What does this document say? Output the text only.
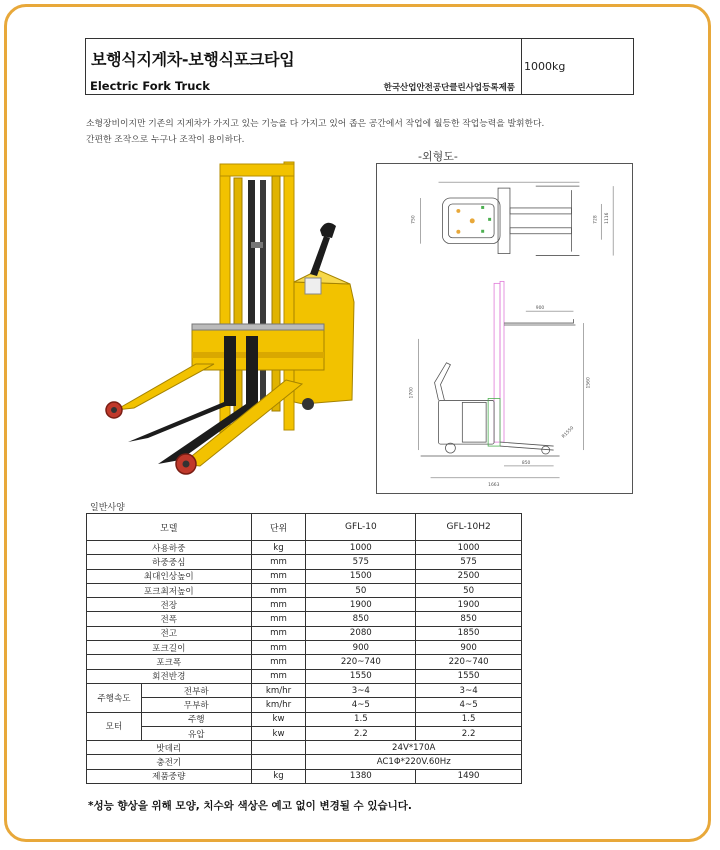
보행식지게차-보행식포크타입
Electric Fork Truck	한국산업안전공단클린사업등록제품
1000kg
소형장비이지만 기존의 지게차가 가지고 있는 기능을 다 가지고 있어 좁은 공간에서 작업에 월등한 작업능력을 발휘한다.
간편한 조작으로 누구나 조작이 용이하다.
-외형도-
750	728 1116
900
1700
1560
850
1663
R1550
일반사양
모델		단위	GFL-10	GFL-10H2
사용하중		kg	1000	1000
하중중심		mm	575	575
최대인상높이		mm	1500	2500
포크최저높이		mm	50	50
전장		mm	1900	1900
전폭		mm	850	850
전고		mm	2080	1850
포크길이		mm	900	900
포크폭		mm	220~740	220~740
회전반경		mm	1550	1550
주행속도	전부하	km/hr	3~4	3~4
	무부하	km/hr	4~5	4~5
모터	주행	kw	1.5	1.5
	유압	kw	2.2	2.2
밧데리			24V*170A	
충전기			AC1Φ*220V.60Hz	
제품중량		kg	1380	1490
*성능 향상을 위해 모양, 치수와 색상은 예고 없이 변경될 수 있습니다.
